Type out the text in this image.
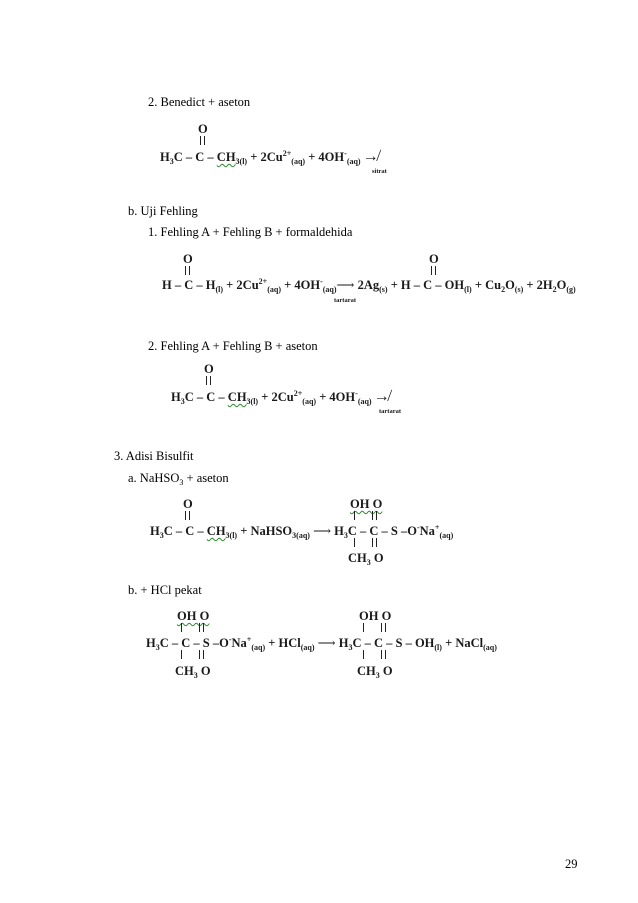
2. Benedict + aseton
b. Uji Fehling
1. Fehling A + Fehling B + formaldehida
2. Fehling A + Fehling B + aseton
3. Adisi Bisulfit
a. NaHSO$_3$ + aseton
b. + HCl pekat
O
$H_3C - C - CH_{3(l)} + 2Cu^{2+}_{(aq)} + 4OH^-_{(aq)}$ ↛
sitrat
O	O
$H - C - H_{(l)} + 2Cu^{2+}_{(aq)}$ + $4OH^-_{(aq)}⟶$ $2Ag_{(s)} + H - C - OH_{(l)} + Cu_2O_{(s)} + 2H_2O_{(g)}$
tartarat
O
$H_3C - C - CH_{3(l)} + 2Cu^{2+}_{(aq)} + 4OH^-_{(aq)}$ ↛
tartarat
O	OH O
$H_3C$ – C – $CH_{3(l)}$ + NaHSO$_{3(aq)}$ ⟶ $H_3C$ – C – S $-O^-Na^+_{(aq)}$
$CH_3$ O
OH O	OH O
$H_3C$ – C – S $-O^-Na^+_{(aq)} + HCl_{(aq)}$ ⟶ $H_3C$ – C – S – $OH_{(l)}$ + NaCl$_{(aq)}$
$CH_3$ O	$CH_3$ O
29
